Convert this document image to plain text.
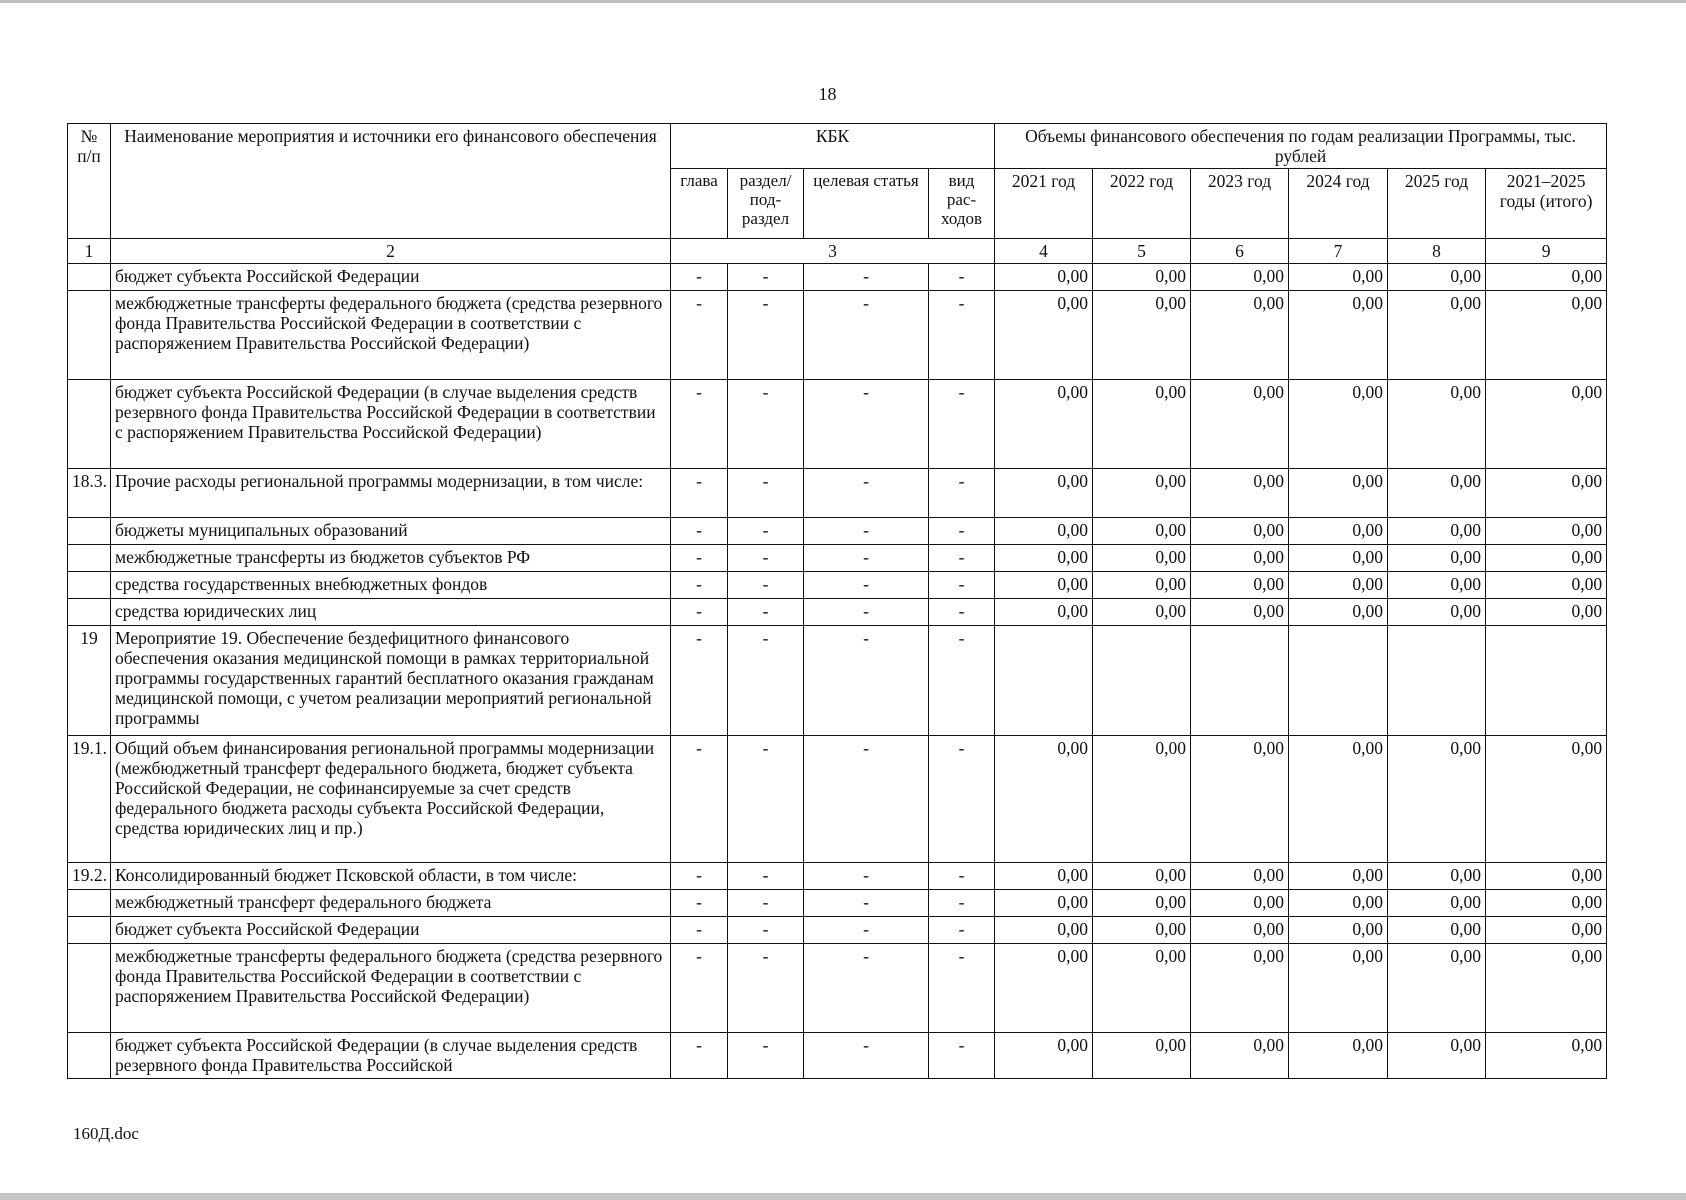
18
№ п/п	Наименование мероприятия и источники его финансового обеспечения	КБК				Объемы финансового обеспечения по годам реализации Программы, тыс. рублей					
		глава	раздел/ под- раздел	целевая статья	вид рас- ходов	2021 год	2022 год	2023 год	2024 год	2025 год	2021–2025 годы (итого)
1	2	3				4	5	6	7	8	9
	бюджет субъекта Российской Федерации	-	-	-	-	0,00	0,00	0,00	0,00	0,00	0,00
	межбюджетные трансферты федерального бюджета (средства резервного фонда Правительства Российской Федерации в соответствии с распоряжением Правительства Российской Федерации)	-	-	-	-	0,00	0,00	0,00	0,00	0,00	0,00
	бюджет субъекта Российской Федерации (в случае выделения средств резервного фонда Правительства Российской Федерации в соответствии с распоряжением Правительства Российской Федерации)	-	-	-	-	0,00	0,00	0,00	0,00	0,00	0,00
18.3.	Прочие расходы региональной программы модернизации, в том числе:	-	-	-	-	0,00	0,00	0,00	0,00	0,00	0,00
	бюджеты муниципальных образований	-	-	-	-	0,00	0,00	0,00	0,00	0,00	0,00
	межбюджетные трансферты из бюджетов субъектов РФ	-	-	-	-	0,00	0,00	0,00	0,00	0,00	0,00
	средства государственных внебюджетных фондов	-	-	-	-	0,00	0,00	0,00	0,00	0,00	0,00
	средства юридических лиц	-	-	-	-	0,00	0,00	0,00	0,00	0,00	0,00
19	Мероприятие 19. Обеспечение бездефицитного финансового обеспечения оказания медицинской помощи в рамках территориальной программы государственных гарантий бесплатного оказания гражданам медицинской помощи, с учетом реализации мероприятий региональной программы	-	-	-	-						
19.1.	Общий объем финансирования региональной программы модернизации (межбюджетный трансферт федерального бюджета, бюджет субъекта Российской Федерации, не софинансируемые за счет средств федерального бюджета расходы субъекта Российской Федерации, средства юридических лиц и пр.)	-	-	-	-	0,00	0,00	0,00	0,00	0,00	0,00
19.2.	Консолидированный бюджет Псковской области, в том числе:	-	-	-	-	0,00	0,00	0,00	0,00	0,00	0,00
	межбюджетный трансферт федерального бюджета	-	-	-	-	0,00	0,00	0,00	0,00	0,00	0,00
	бюджет субъекта Российской Федерации	-	-	-	-	0,00	0,00	0,00	0,00	0,00	0,00
	межбюджетные трансферты федерального бюджета (средства резервного фонда Правительства Российской Федерации в соответствии с распоряжением Правительства Российской Федерации)	-	-	-	-	0,00	0,00	0,00	0,00	0,00	0,00
	бюджет субъекта Российской Федерации (в случае выделения средств резервного фонда Правительства Российской	-	-	-	-	0,00	0,00	0,00	0,00	0,00	0,00
160Д.doc
